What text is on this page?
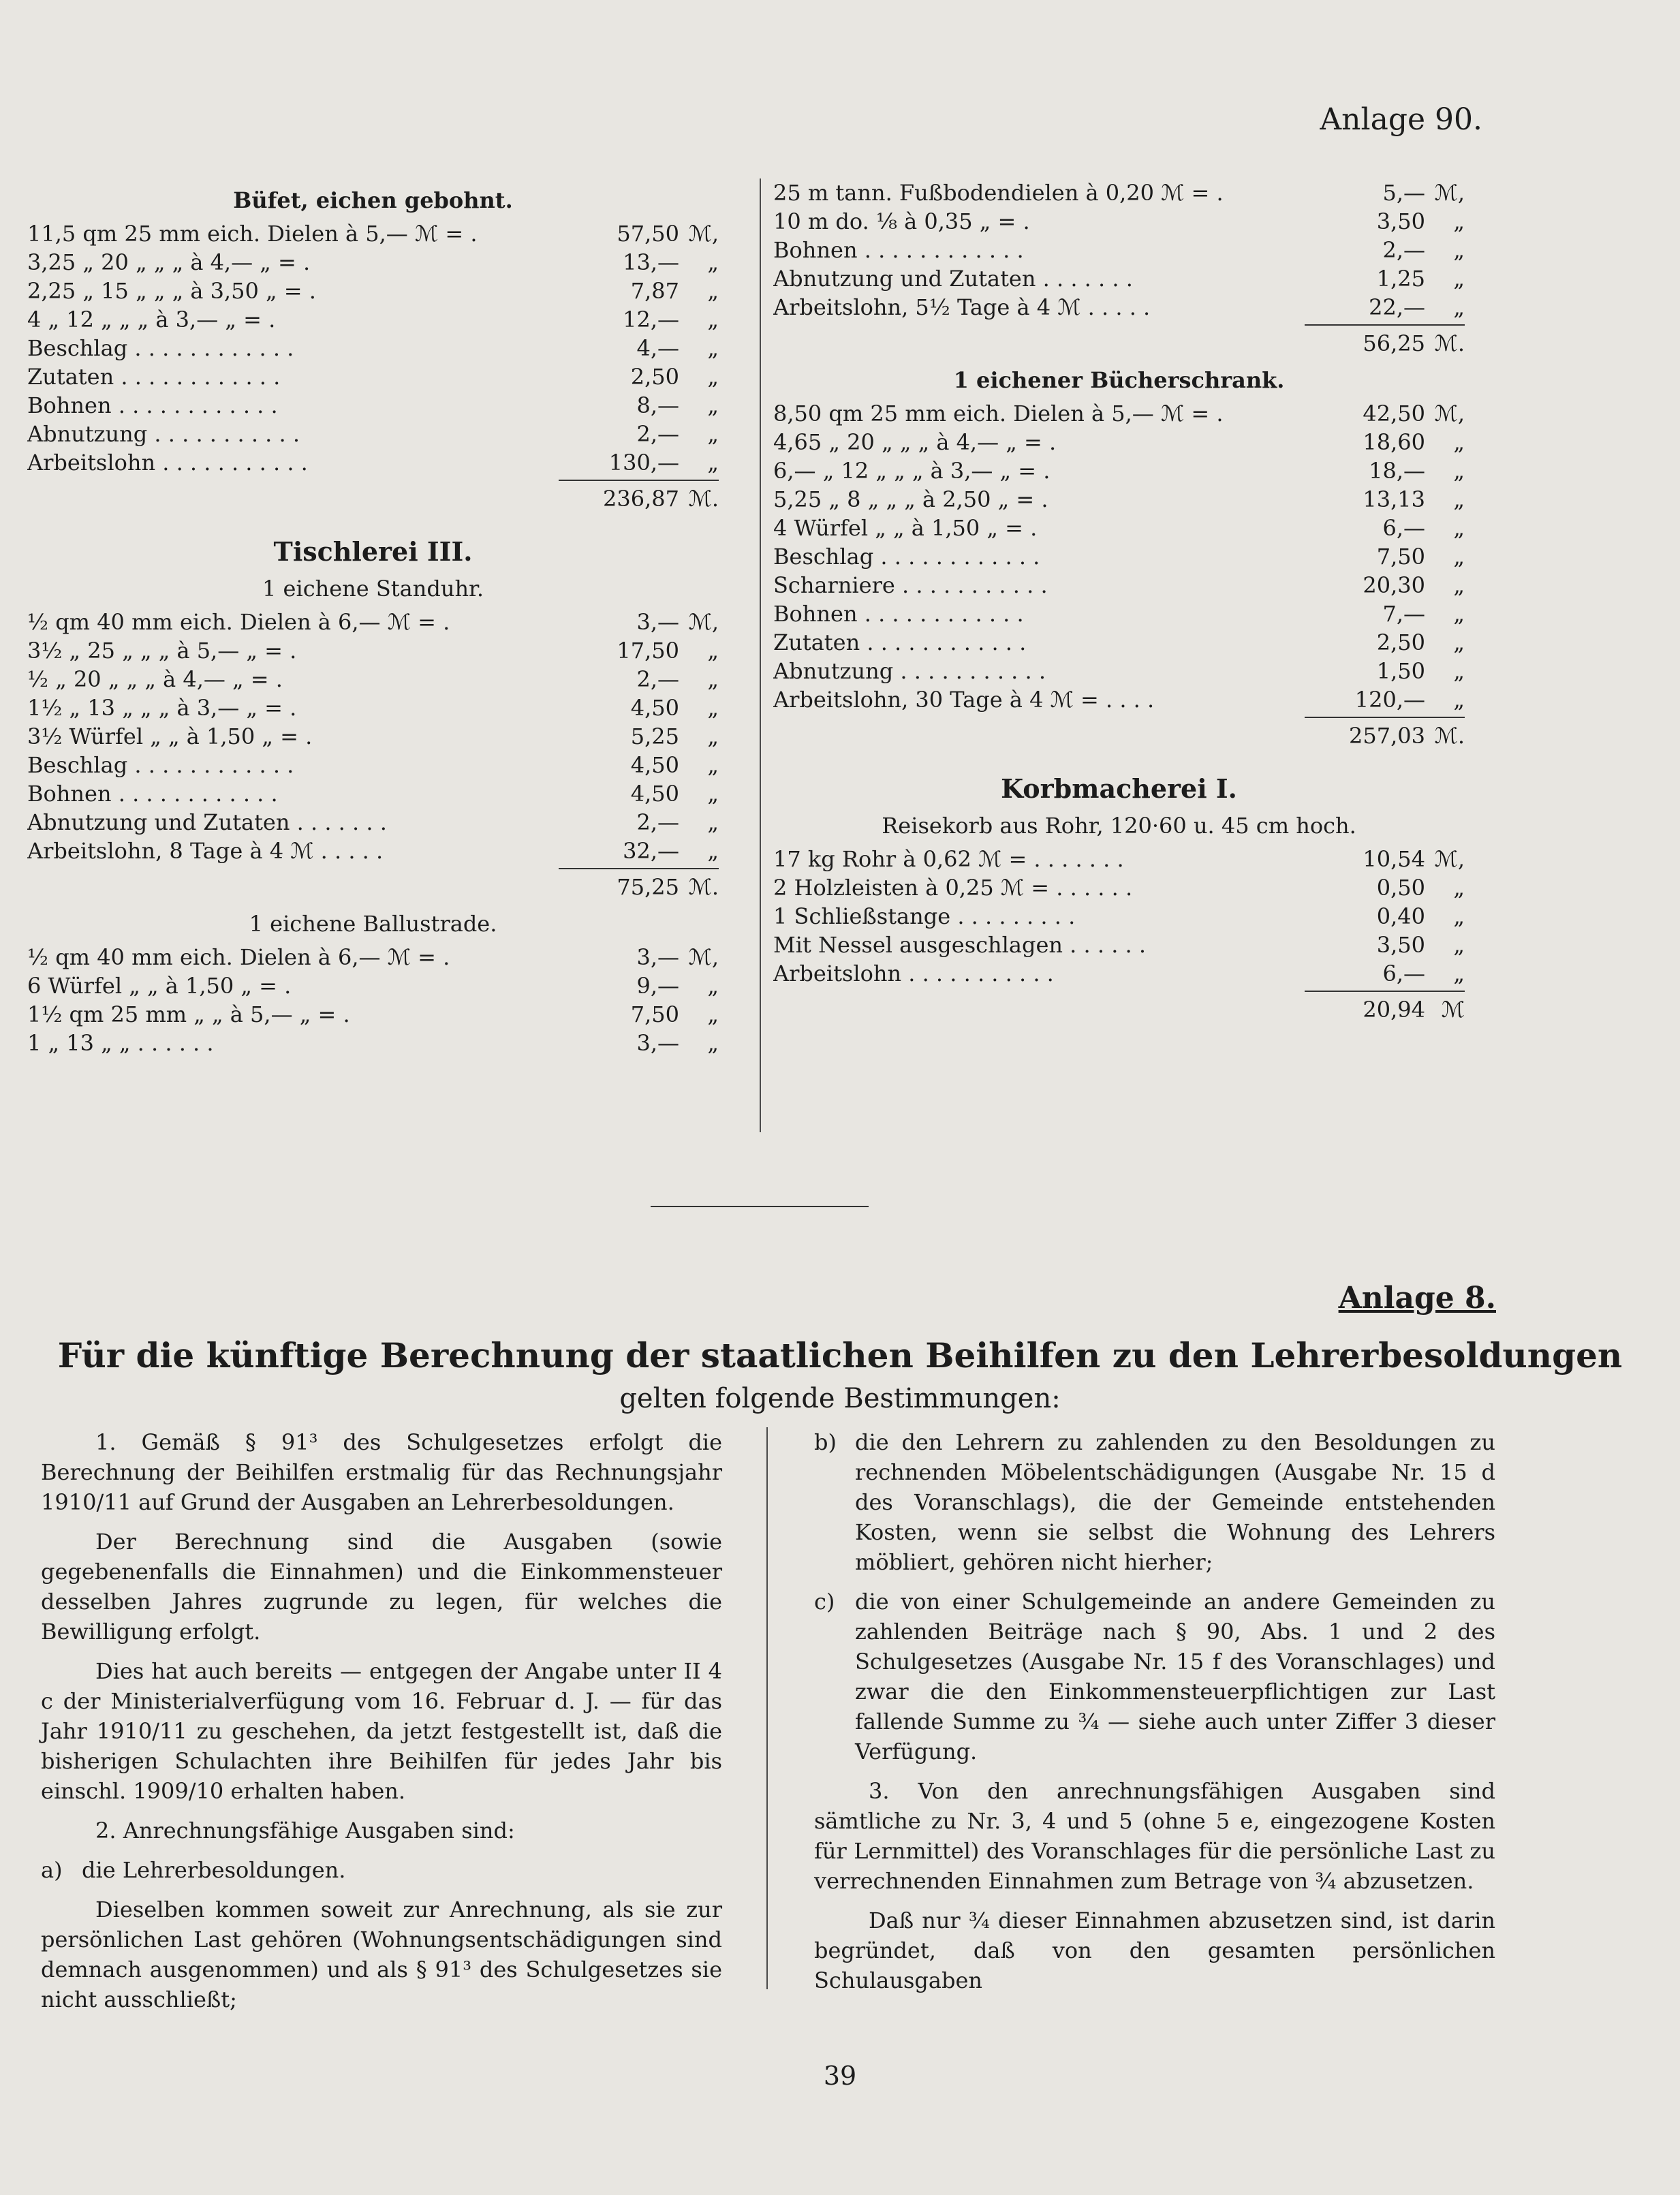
Anlage 90.
Büfet, eichen gebohnt.
11,5 qm 25 mm eich. Dielen à 5,— ℳ = .	57,50 ℳ,
3,25 „ 20 „ „ „ à 4,— „ = .	13,—	„
2,25 „ 15 „ „ „ à 3,50 „ = .	7,87	„
4 „ 12 „ „ „ à 3,— „ = .	12,—	„
Beschlag . . . . . . . . . . . .	4,—	„
Zutaten . . . . . . . . . . . .	2,50	„
Bohnen . . . . . . . . . . . .	8,—	„
Abnutzung . . . . . . . . . . .	2,—	„
Arbeitslohn . . . . . . . . . . .	130,—	„
236,87 ℳ.
Tischlerei III.
1 eichene Standuhr.
½ qm 40 mm eich. Dielen à 6,— ℳ = .	3,— ℳ,
3½ „ 25 „ „ „ à 5,— „ = .	17,50	„
½ „ 20 „ „ „ à 4,— „ = .	2,—	„
1½ „ 13 „ „ „ à 3,— „ = .	4,50	„
3½ Würfel „ „ à 1,50 „ = .	5,25	„
Beschlag . . . . . . . . . . . .	4,50	„
Bohnen . . . . . . . . . . . .	4,50	„
Abnutzung und Zutaten . . . . . . .	2,—	„
Arbeitslohn, 8 Tage à 4 ℳ . . . . .	32,—	„
75,25 ℳ.
1 eichene Ballustrade.
½ qm 40 mm eich. Dielen à 6,— ℳ = .	3,— ℳ,
6 Würfel „ „ à 1,50 „ = .	9,—	„
1½ qm 25 mm „ „ à 5,— „ = .	7,50	„
1 „ 13 „ „ . . . . . .	3,—	„
25 m tann. Fußbodendielen à 0,20 ℳ = .	5,— ℳ,
10 m do. ⅛ à 0,35 „ = .	3,50	„
Bohnen . . . . . . . . . . . .	2,—	„
Abnutzung und Zutaten . . . . . . .	1,25	„
Arbeitslohn, 5½ Tage à 4 ℳ . . . . .	22,—	„
56,25 ℳ.
1 eichener Bücherschrank.
8,50 qm 25 mm eich. Dielen à 5,— ℳ = .	42,50 ℳ,
4,65 „ 20 „ „ „ à 4,— „ = .	18,60	„
6,— „ 12 „ „ „ à 3,— „ = .	18,—	„
5,25 „ 8 „ „ „ à 2,50 „ = .	13,13	„
4 Würfel „ „ à 1,50 „ = .	6,—	„
Beschlag . . . . . . . . . . . .	7,50	„
Scharniere . . . . . . . . . . .	20,30	„
Bohnen . . . . . . . . . . . .	7,—	„
Zutaten . . . . . . . . . . . .	2,50	„
Abnutzung . . . . . . . . . . .	1,50	„
Arbeitslohn, 30 Tage à 4 ℳ = . . . .	120,—	„
257,03 ℳ.
Korbmacherei I.
Reisekorb aus Rohr, 120·60 u. 45 cm hoch.
17 kg Rohr à 0,62 ℳ = . . . . . . .	10,54 ℳ,
2 Holzleisten à 0,25 ℳ = . . . . . .	0,50	„
1 Schließstange . . . . . . . . .	0,40	„
Mit Nessel ausgeschlagen . . . . . .	3,50	„
Arbeitslohn . . . . . . . . . . .	6,—	„
20,94 ℳ
Anlage 8.
Für die künftige Berechnung der staatlichen Beihilfen zu den Lehrerbesoldungen
gelten folgende Bestimmungen:

1. Gemäß § 91³ des Schulgesetzes erfolgt die Berechnung der Beihilfen erstmalig für das Rechnungsjahr 1910/11 auf Grund der Ausgaben an Lehrerbesoldungen.

Der Berechnung sind die Ausgaben (sowie gegebenenfalls die Einnahmen) und die Einkommensteuer desselben Jahres zugrunde zu legen, für welches die Bewilligung erfolgt.

Dies hat auch bereits — entgegen der Angabe unter II 4 c der Ministerialverfügung vom 16. Februar d. J. — für das Jahr 1910/11 zu geschehen, da jetzt festgestellt ist, daß die bisherigen Schulachten ihre Beihilfen für jedes Jahr bis einschl. 1909/10 erhalten haben.

2. Anrechnungsfähige Ausgaben sind:

a) die Lehrerbesoldungen.

Dieselben kommen soweit zur Anrechnung, als sie zur persönlichen Last gehören (Wohnungsentschädigungen sind demnach ausgenommen) und als § 91³ des Schulgesetzes sie nicht ausschließt;

b) die den Lehrern zu zahlenden zu den Besoldungen zu rechnenden Möbelentschädigungen (Ausgabe Nr. 15 d des Voranschlags), die der Gemeinde entstehenden Kosten, wenn sie selbst die Wohnung des Lehrers möbliert, gehören nicht hierher;

c) die von einer Schulgemeinde an andere Gemeinden zu zahlenden Beiträge nach § 90, Abs. 1 und 2 des Schulgesetzes (Ausgabe Nr. 15 f des Voranschlages) und zwar die den Einkommensteuerpflichtigen zur Last fallende Summe zu ¾ — siehe auch unter Ziffer 3 dieser Verfügung.

3. Von den anrechnungsfähigen Ausgaben sind sämtliche zu Nr. 3, 4 und 5 (ohne 5 e, eingezogene Kosten für Lernmittel) des Voranschlages für die persönliche Last zu verrechnenden Einnahmen zum Betrage von ¾ abzusetzen.

Daß nur ¾ dieser Einnahmen abzusetzen sind, ist darin begründet, daß von den gesamten persönlichen Schulausgaben

39
